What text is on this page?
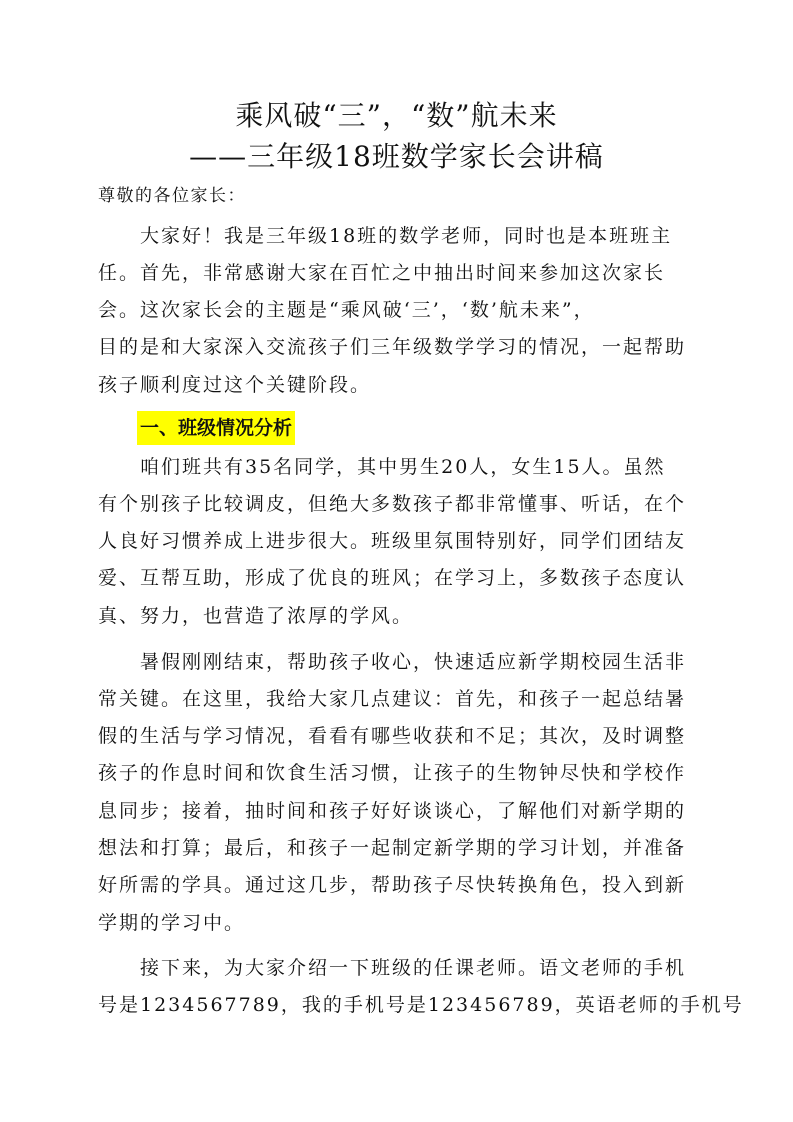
乘风破“三”，“数”航未来
——三年级18班数学家长会讲稿
尊敬的各位家长：
大家好！我是三年级18班的数学老师，同时也是本班班主
任。首先，非常感谢大家在百忙之中抽出时间来参加这次家长
会。这次家长会的主题是“乘风破‘三’，‘数’航未来”，
目的是和大家深入交流孩子们三年级数学学习的情况，一起帮助
孩子顺利度过这个关键阶段。
一、班级情况分析
咱们班共有35名同学，其中男生20人，女生15人。虽然
有个别孩子比较调皮，但绝大多数孩子都非常懂事、听话，在个
人良好习惯养成上进步很大。班级里氛围特别好，同学们团结友
爱、互帮互助，形成了优良的班风；在学习上，多数孩子态度认
真、努力，也营造了浓厚的学风。
暑假刚刚结束，帮助孩子收心，快速适应新学期校园生活非
常关键。在这里，我给大家几点建议：首先，和孩子一起总结暑
假的生活与学习情况，看看有哪些收获和不足；其次，及时调整
孩子的作息时间和饮食生活习惯，让孩子的生物钟尽快和学校作
息同步；接着，抽时间和孩子好好谈谈心，了解他们对新学期的
想法和打算；最后，和孩子一起制定新学期的学习计划，并准备
好所需的学具。通过这几步，帮助孩子尽快转换角色，投入到新
学期的学习中。
接下来，为大家介绍一下班级的任课老师。语文老师的手机
号是1234567789，我的手机号是123456789，英语老师的手机号
